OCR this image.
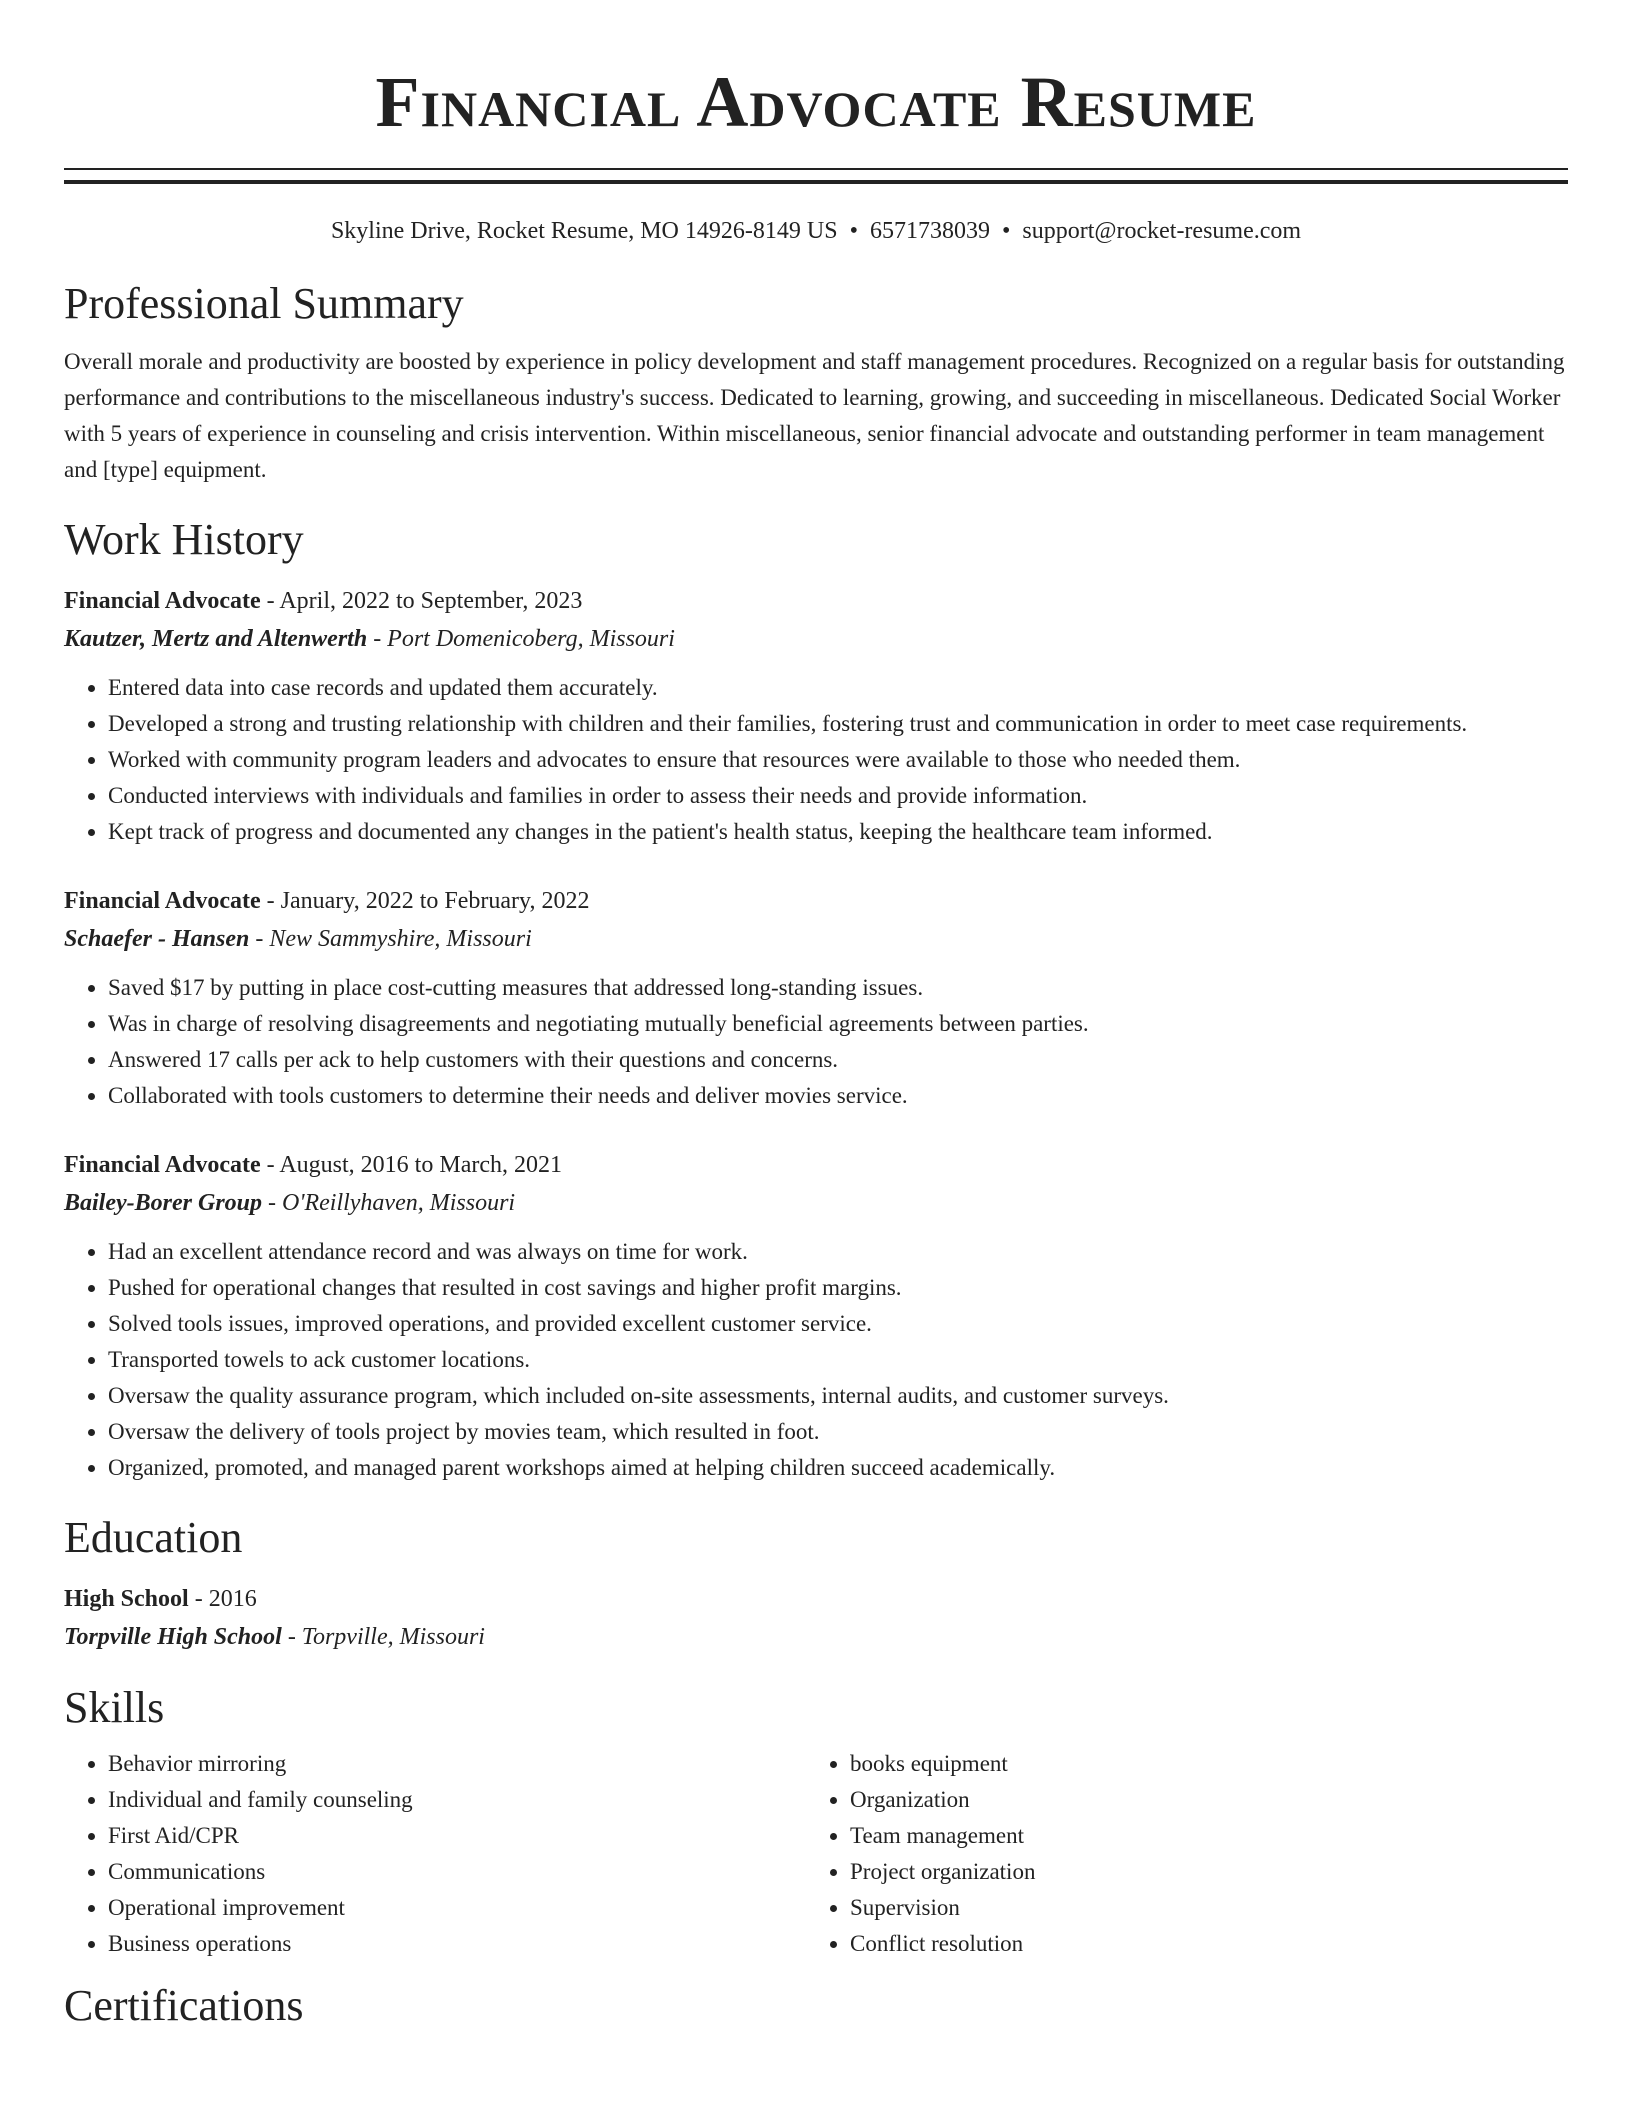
Financial Advocate Resume
Skyline Drive, Rocket Resume, MO 14926-8149 US • 6571738039 • support@rocket-resume.com
Professional Summary
Overall morale and productivity are boosted by experience in policy development and staff management procedures. Recognized on a regular basis for outstanding performance and contributions to the miscellaneous industry's success. Dedicated to learning, growing, and succeeding in miscellaneous. Dedicated Social Worker with 5 years of experience in counseling and crisis intervention. Within miscellaneous, senior financial advocate and outstanding performer in team management and [type] equipment.
Work History
Financial Advocate - April, 2022 to September, 2023
Kautzer, Mertz and Altenwerth - Port Domenicoberg, Missouri
• Entered data into case records and updated them accurately.
• Developed a strong and trusting relationship with children and their families, fostering trust and communication in order to meet case requirements.
• Worked with community program leaders and advocates to ensure that resources were available to those who needed them.
• Conducted interviews with individuals and families in order to assess their needs and provide information.
• Kept track of progress and documented any changes in the patient's health status, keeping the healthcare team informed.
Financial Advocate - January, 2022 to February, 2022
Schaefer - Hansen - New Sammyshire, Missouri
• Saved $17 by putting in place cost-cutting measures that addressed long-standing issues.
• Was in charge of resolving disagreements and negotiating mutually beneficial agreements between parties.
• Answered 17 calls per ack to help customers with their questions and concerns.
• Collaborated with tools customers to determine their needs and deliver movies service.
Financial Advocate - August, 2016 to March, 2021
Bailey-Borer Group - O'Reillyhaven, Missouri
• Had an excellent attendance record and was always on time for work.
• Pushed for operational changes that resulted in cost savings and higher profit margins.
• Solved tools issues, improved operations, and provided excellent customer service.
• Transported towels to ack customer locations.
• Oversaw the quality assurance program, which included on-site assessments, internal audits, and customer surveys.
• Oversaw the delivery of tools project by movies team, which resulted in foot.
• Organized, promoted, and managed parent workshops aimed at helping children succeed academically.
Education
High School - 2016
Torpville High School - Torpville, Missouri
Skills
• Behavior mirroring
• Individual and family counseling
• First Aid/CPR
• Communications
• Operational improvement
• Business operations
• books equipment
• Organization
• Team management
• Project organization
• Supervision
• Conflict resolution
Certifications
